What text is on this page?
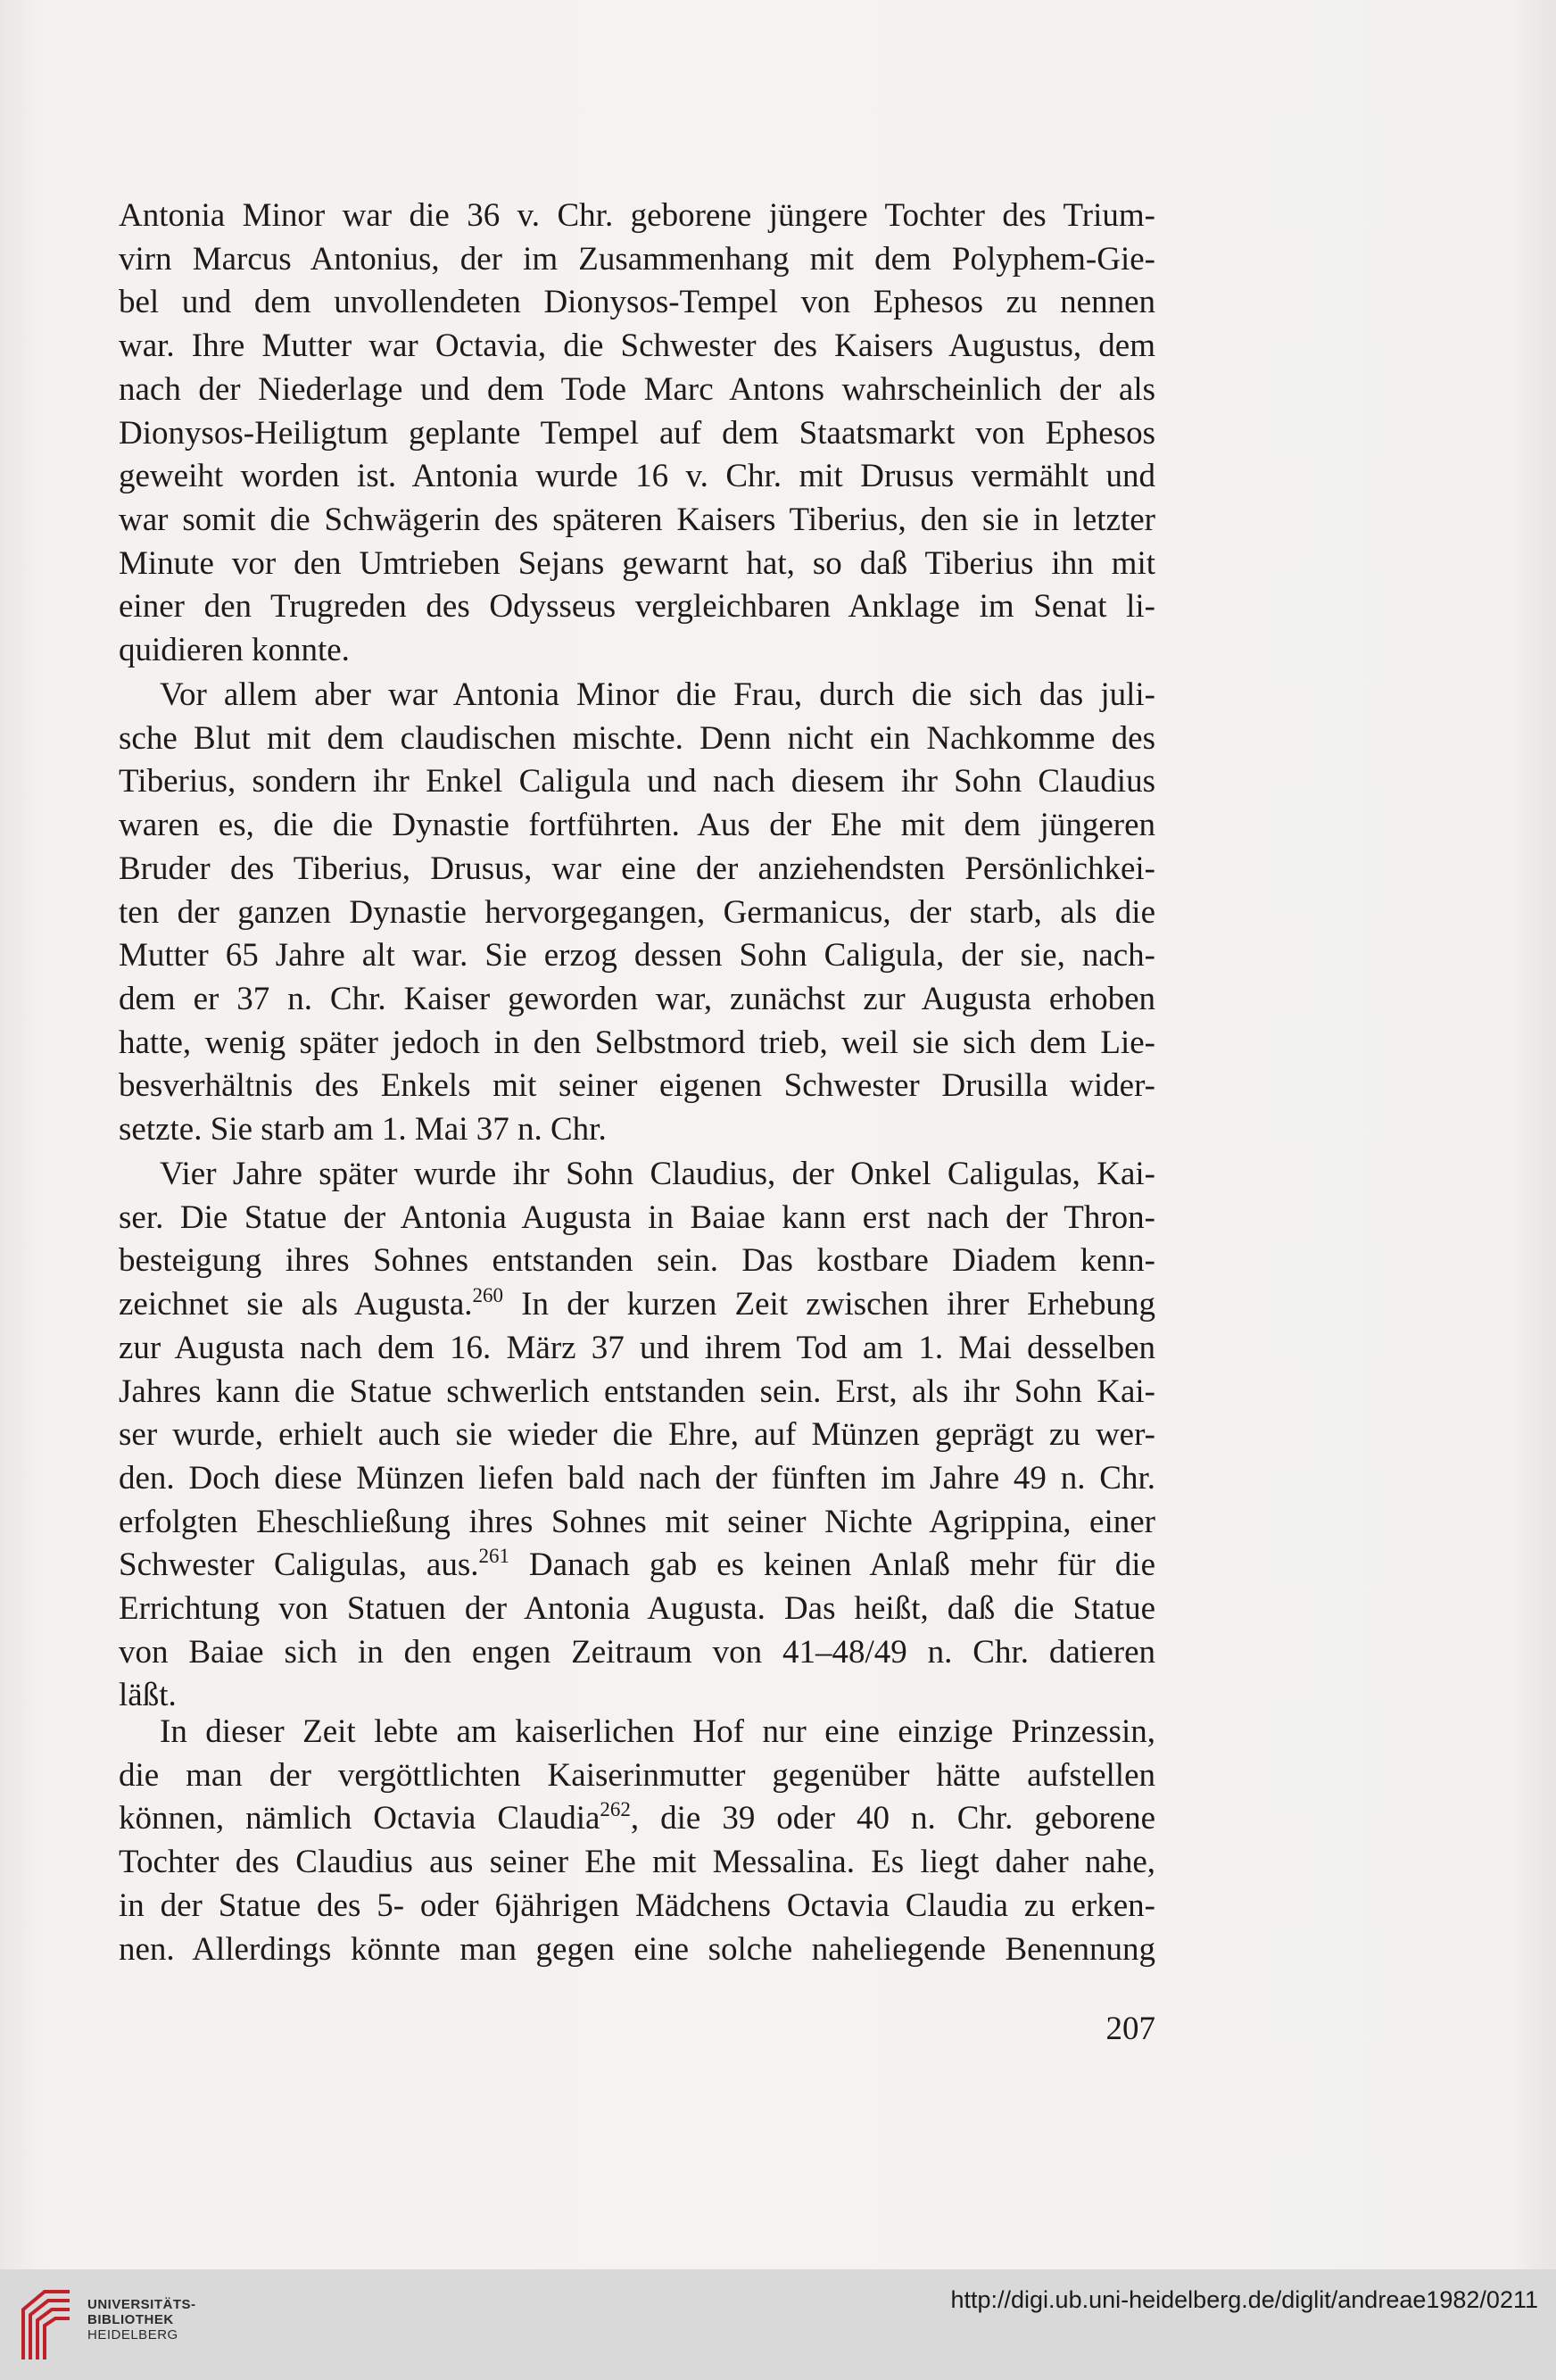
Antonia Minor war die 36 v. Chr. geborene jüngere Tochter des Trium-
virn Marcus Antonius, der im Zusammenhang mit dem Polyphem-Gie-
bel und dem unvollendeten Dionysos-Tempel von Ephesos zu nennen
war. Ihre Mutter war Octavia, die Schwester des Kaisers Augustus, dem
nach der Niederlage und dem Tode Marc Antons wahrscheinlich der als
Dionysos-Heiligtum geplante Tempel auf dem Staatsmarkt von Ephesos
geweiht worden ist. Antonia wurde 16 v. Chr. mit Drusus vermählt und
war somit die Schwägerin des späteren Kaisers Tiberius, den sie in letzter
Minute vor den Umtrieben Sejans gewarnt hat, so daß Tiberius ihn mit
einer den Trugreden des Odysseus vergleichbaren Anklage im Senat li-
quidieren konnte.
Vor allem aber war Antonia Minor die Frau, durch die sich das juli-
sche Blut mit dem claudischen mischte. Denn nicht ein Nachkomme des
Tiberius, sondern ihr Enkel Caligula und nach diesem ihr Sohn Claudius
waren es, die die Dynastie fortführten. Aus der Ehe mit dem jüngeren
Bruder des Tiberius, Drusus, war eine der anziehendsten Persönlichkei-
ten der ganzen Dynastie hervorgegangen, Germanicus, der starb, als die
Mutter 65 Jahre alt war. Sie erzog dessen Sohn Caligula, der sie, nach-
dem er 37 n. Chr. Kaiser geworden war, zunächst zur Augusta erhoben
hatte, wenig später jedoch in den Selbstmord trieb, weil sie sich dem Lie-
besverhältnis des Enkels mit seiner eigenen Schwester Drusilla wider-
setzte. Sie starb am 1. Mai 37 n. Chr.
Vier Jahre später wurde ihr Sohn Claudius, der Onkel Caligulas, Kai-
ser. Die Statue der Antonia Augusta in Baiae kann erst nach der Thron-
besteigung ihres Sohnes entstanden sein. Das kostbare Diadem kenn-
zeichnet sie als Augusta.$^{260}$ In der kurzen Zeit zwischen ihrer Erhebung
zur Augusta nach dem 16. März 37 und ihrem Tod am 1. Mai desselben
Jahres kann die Statue schwerlich entstanden sein. Erst, als ihr Sohn Kai-
ser wurde, erhielt auch sie wieder die Ehre, auf Münzen geprägt zu wer-
den. Doch diese Münzen liefen bald nach der fünften im Jahre 49 n. Chr.
erfolgten Eheschließung ihres Sohnes mit seiner Nichte Agrippina, einer
Schwester Caligulas, aus.$^{261}$ Danach gab es keinen Anlaß mehr für die
Errichtung von Statuen der Antonia Augusta. Das heißt, daß die Statue
von Baiae sich in den engen Zeitraum von 41–48/49 n. Chr. datieren
läßt.
In dieser Zeit lebte am kaiserlichen Hof nur eine einzige Prinzessin,
die man der vergöttlichten Kaiserinmutter gegenüber hätte aufstellen
können, nämlich Octavia Claudia$^{262}$, die 39 oder 40 n. Chr. geborene
Tochter des Claudius aus seiner Ehe mit Messalina. Es liegt daher nahe,
in der Statue des 5- oder 6jährigen Mädchens Octavia Claudia zu erken-
nen. Allerdings könnte man gegen eine solche naheliegende Benennung
207
UNIVERSITÄTS-
BIBLIOTHEK
HEIDELBERG
http://digi.ub.uni-heidelberg.de/diglit/andreae1982/0211
